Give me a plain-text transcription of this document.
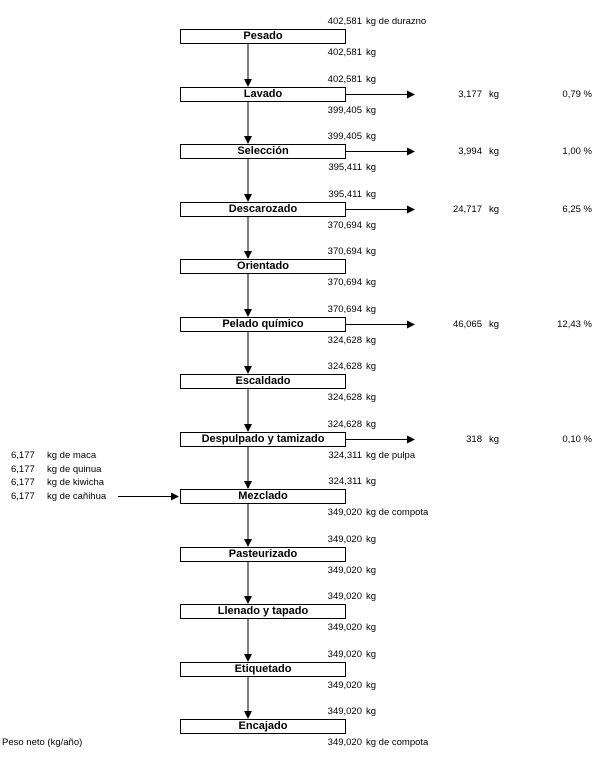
402,581 kg de durazno
Pesado
402,581 kg
402,581 kg
Lavado
399,405 kg
3,177 kg	0,79 %
399,405 kg
Selección
395,411 kg
3,994 kg	1,00 %
395,411 kg
Descarozado
370,694 kg
24,717 kg	6,25 %
370,694 kg
Orientado
370,694 kg
370,694 kg
Pelado químico
324,628 kg
46,065 kg	12,43 %
324,628 kg
Escaldado
324,628 kg
324,628 kg
Despulpado y tamizado
324,311 kg de pulpa
318 kg	0,10 %
324,311 kg
Mezclado
349,020 kg de compota
349,020 kg
Pasteurizado
349,020 kg
349,020 kg
Llenado y tapado
349,020 kg
349,020 kg
Etiquetado
349,020 kg
349,020 kg
Encajado
349,020 kg de compota
6,177 kg de maca
6,177 kg de quinua
6,177 kg de kiwicha
6,177 kg de cañihua
Peso neto (kg/año)
